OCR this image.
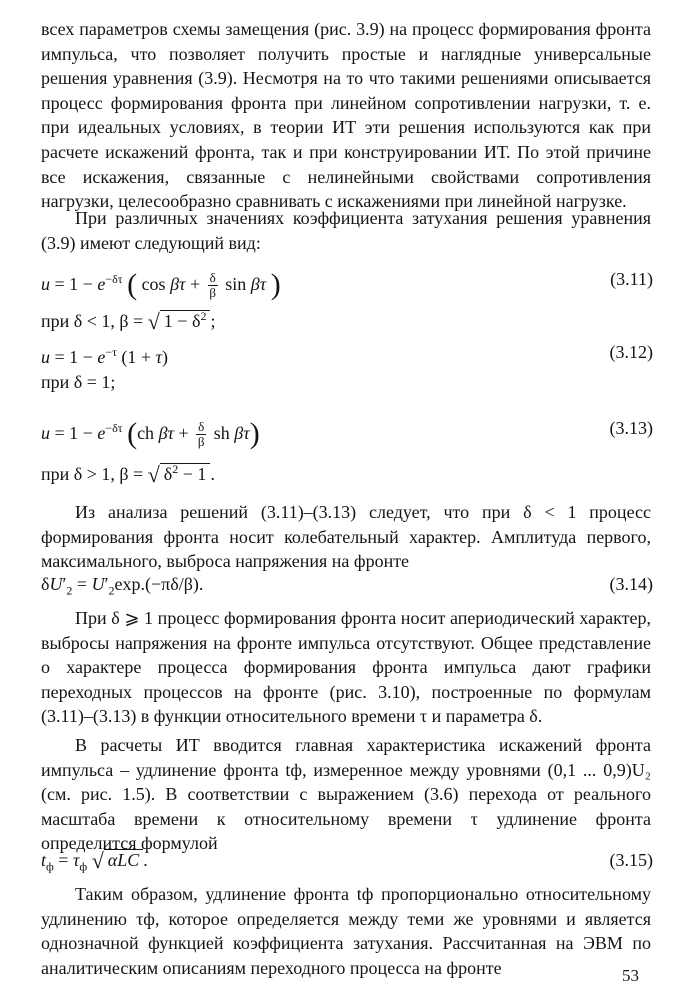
всех параметров схемы замещения (рис. 3.9) на процесс формирования фронта импульса, что позволяет получить простые и наглядные универсальные решения уравнения (3.9). Несмотря на то что такими решениями описывается процесс формирования фронта при линейном сопротивлении нагрузки, т. е. при идеальных условиях, в теории ИТ эти решения используются как при расчете искажений фронта, так и при конструировании ИТ. По этой причине все искажения, связанные с нелинейными свойствами сопротивления нагрузки, целесообразно сравнивать с искажениями при линейной нагрузке.

При различных значениях коэффициента затухания решения уравнения (3.9) имеют следующий вид:

$u = 1 - e^{-\delta\tau}$ ( $\cos \beta\tau + \frac{\delta}{\beta}$ sin βτ )	(3.11)
при δ < 1, β = √ $1 - \delta^2$ ;
$u = 1 - e^{-\tau}$ (1 + τ)	(3.12)
при δ = 1;
$u = 1 - e^{-\delta\tau}$ (ch $\beta\tau + \frac{\delta}{\beta}$ sh βτ)	(3.13)
при δ > 1, β = √ $\delta^2 - 1$ .

Из анализа решений (3.11)–(3.13) следует, что при δ < 1 процесс формирования фронта носит колебательный характер. Амплитуда первого, максимального, выброса напряжения на фронте

$\delta U'_2 = U'_2\exp.(-\pi\delta/\beta)$.	(3.14)

При δ ⩾ 1 процесс формирования фронта носит апериодический характер, выбросы напряжения на фронте импульса отсутствуют. Общее представление о характере процесса формирования фронта импульса дают графики переходных процессов на фронте (рис. 3.10), построенные по формулам (3.11)–(3.13) в функции относительного времени τ и параметра δ.

В расчеты ИТ вводится главная характеристика искажений фронта импульса – удлинение фронта tф, измеренное между уровнями (0,1 ... 0,9)U₂ (см. рис. 1.5). В соответствии с выражением (3.6) перехода от реального масштаба времени к относительному времени τ удлинение фронта определится формулой

$t_ф = \tau_ф$ √ αLC .	(3.15)

Таким образом, удлинение фронта tф пропорционально относительному удлинению τф, которое определяется между теми же уровнями и является однозначной функцией коэффициента затухания. Рассчитанная на ЭВМ по аналитическим описаниям переходного процесса на фронте	53
